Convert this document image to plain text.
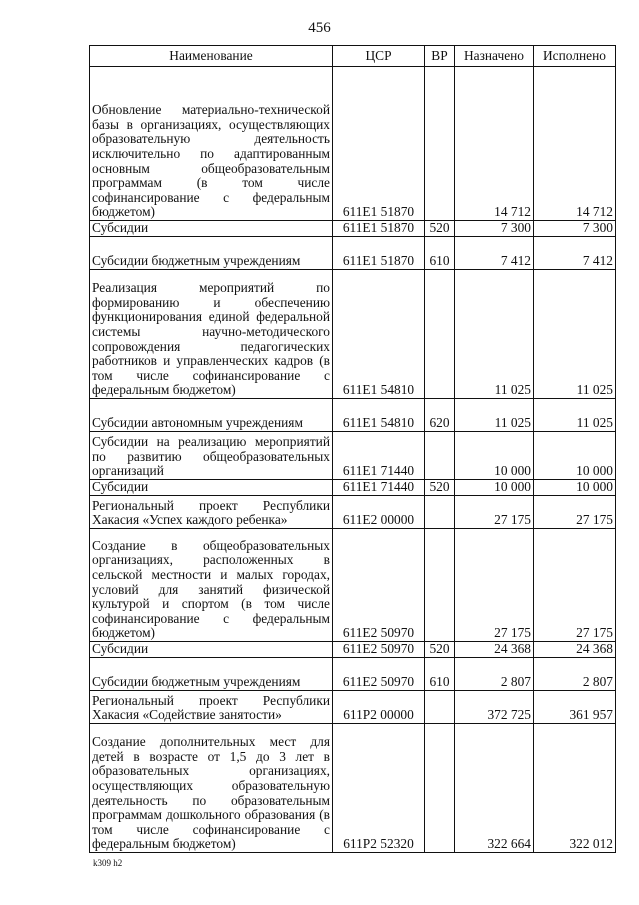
456
Наименование	ЦСР	ВР	Назначено	Исполнено
Обновление материально-технической базы в организациях, осуществляющих образовательную деятельность исключительно по адаптированным основным общеобразовательным программам (в том числе софинансирование с федеральным бюджетом)	611Е1 51870		14 712	14 712
Субсидии	611Е1 51870	520	7 300	7 300
Субсидии бюджетным учреждениям	611Е1 51870	610	7 412	7 412
Реализация мероприятий по формированию и обеспечению функционирования единой федеральной системы научно-методического сопровождения педагогических работников и управленческих кадров (в том числе софинансирование с федеральным бюджетом)	611Е1 54810		11 025	11 025
Субсидии автономным учреждениям	611Е1 54810	620	11 025	11 025
Субсидии на реализацию мероприятий по развитию общеобразовательных организаций	611Е1 71440		10 000	10 000
Субсидии	611Е1 71440	520	10 000	10 000
Региональный проект Республики Хакасия «Успех каждого ребенка»	611Е2 00000		27 175	27 175
Создание в общеобразовательных организациях, расположенных в сельской местности и малых городах, условий для занятий физической культурой и спортом (в том числе софинансирование с федеральным бюджетом)	611Е2 50970		27 175	27 175
Субсидии	611Е2 50970	520	24 368	24 368
Субсидии бюджетным учреждениям	611Е2 50970	610	2 807	2 807
Региональный проект Республики Хакасия «Содействие занятости»	611Р2 00000		372 725	361 957
Создание дополнительных мест для детей в возрасте от 1,5 до 3 лет в образовательных организациях, осуществляющих образовательную деятельность по образовательным программам дошкольного образования (в том числе софинансирование с федеральным бюджетом)	611Р2 52320		322 664	322 012
k309 h2
